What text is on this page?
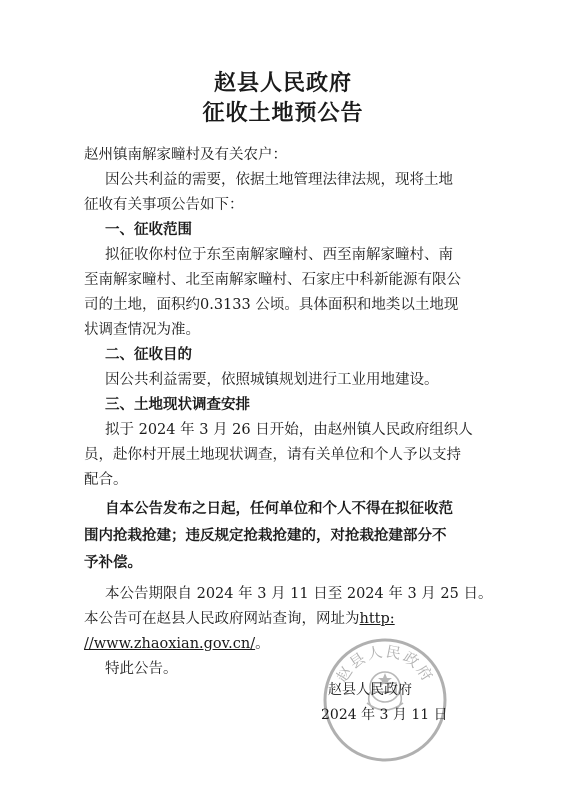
赵县人民政府
征收土地预公告
赵州镇南解家疃村及有关农户：
因公共利益的需要，依据土地管理法律法规，现将土地
征收有关事项公告如下：
一、征收范围
拟征收你村位于东至南解家疃村、西至南解家疃村、南
至南解家疃村、北至南解家疃村、石家庄中科新能源有限公
司的土地，面积约0.3133 公顷。具体面积和地类以土地现
状调查情况为准。
二、征收目的
因公共利益需要，依照城镇规划进行工业用地建设。
三、土地现状调查安排
拟于 2024 年 3 月 26 日开始，由赵州镇人民政府组织人
员，赴你村开展土地现状调查，请有关单位和个人予以支持
配合。
自本公告发布之日起，任何单位和个人不得在拟征收范
围内抢栽抢建；违反规定抢栽抢建的，对抢栽抢建部分不
予补偿。
本公告期限自 2024 年 3 月 11 日至 2024 年 3 月 25 日。
本公告可在赵县人民政府网站查询，网址为http:
//www.zhaoxian.gov.cn/。
特此公告。	赵县人民政府
赵县人民政府
2024 年 3 月 11 日
